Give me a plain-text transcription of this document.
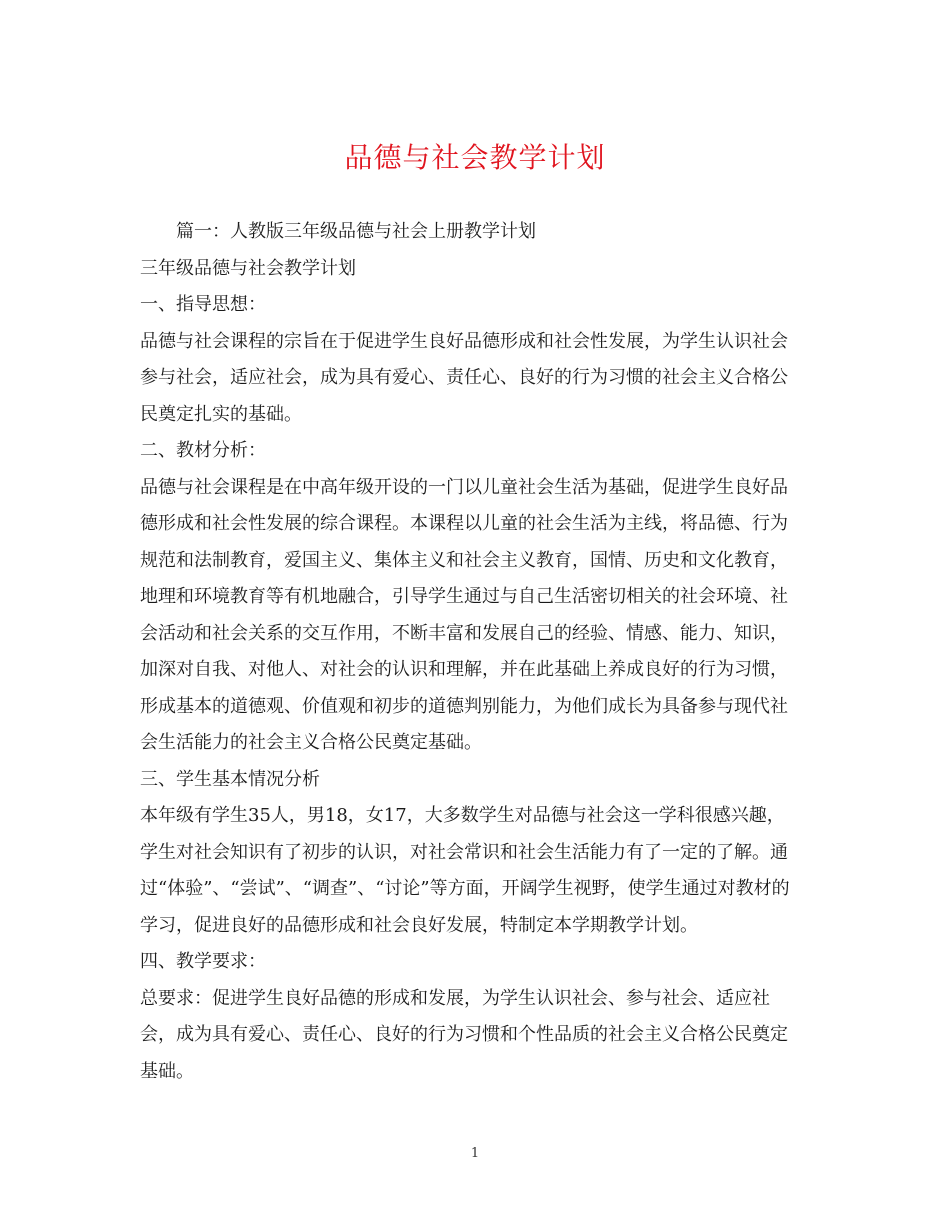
品德与社会教学计划

篇一：人教版三年级品德与社会上册教学计划

三年级品德与社会教学计划

一、指导思想：

品德与社会课程的宗旨在于促进学生良好品德形成和社会性发展，为学生认识社会

参与社会，适应社会，成为具有爱心、责任心、良好的行为习惯的社会主义合格公

民奠定扎实的基础。

二、教材分析：

品德与社会课程是在中高年级开设的一门以儿童社会生活为基础，促进学生良好品

德形成和社会性发展的综合课程。本课程以儿童的社会生活为主线，将品德、行为

规范和法制教育，爱国主义、集体主义和社会主义教育，国情、历史和文化教育，

地理和环境教育等有机地融合，引导学生通过与自己生活密切相关的社会环境、社

会活动和社会关系的交互作用，不断丰富和发展自己的经验、情感、能力、知识，

加深对自我、对他人、对社会的认识和理解，并在此基础上养成良好的行为习惯，

形成基本的道德观、价值观和初步的道德判别能力，为他们成长为具备参与现代社

会生活能力的社会主义合格公民奠定基础。

三、学生基本情况分析

本年级有学生35人，男18，女17，大多数学生对品德与社会这一学科很感兴趣，

学生对社会知识有了初步的认识，对社会常识和社会生活能力有了一定的了解。通

过“体验”、“尝试”、“调查”、“讨论”等方面，开阔学生视野，使学生通过对教材的

学习，促进良好的品德形成和社会良好发展，特制定本学期教学计划。

四、教学要求：

总要求：促进学生良好品德的形成和发展，为学生认识社会、参与社会、适应社

会，成为具有爱心、责任心、良好的行为习惯和个性品质的社会主义合格公民奠定

基础。

1
